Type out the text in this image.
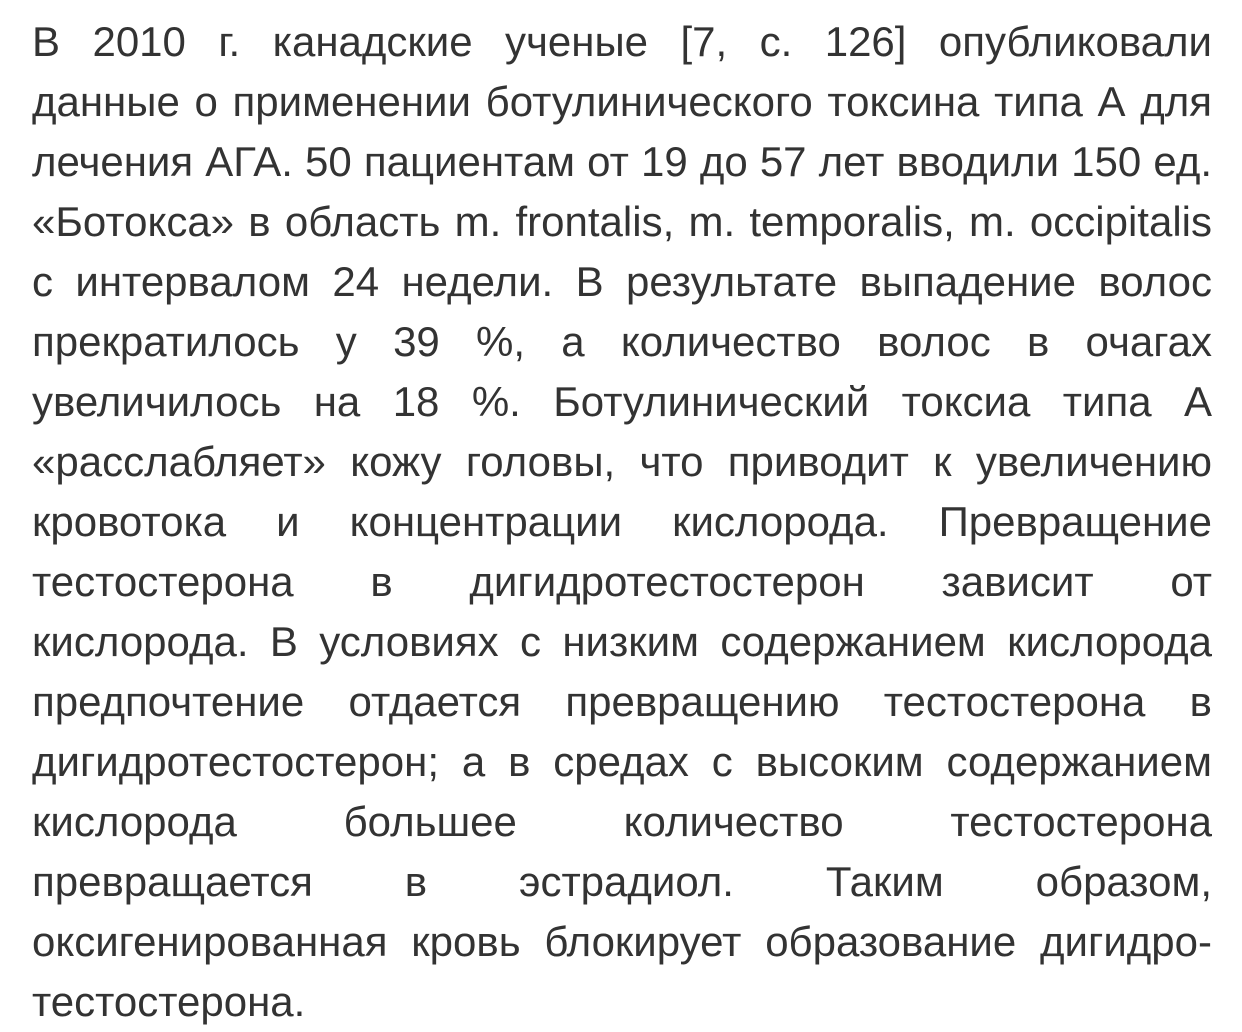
В 2010 г. канадские ученые [7, с. 126] опубликовали
данные о применении ботулинического токсина типа А для
лечения АГА. 50 пациентам от 19 до 57 лет вводили 150 ед.
«Ботокса» в область m. frontalis, m. temporalis, m. occipitalis
с интервалом 24 недели. В результате выпадение волос
прекратилось у 39 %, а количество волос в очагах
увеличилось на 18 %. Ботулинический токсиа типа А
«расслабляет» кожу головы, что приводит к увеличению
кровотока и концентрации кислорода. Превращение
тестостерона в дигидротестостерон зависит от
кислорода. В условиях с низким содержанием кислорода
предпочтение отдается превращению тестостерона в
дигидротестостерон; а в средах с высоким содержанием
кислорода большее количество тестостерона
превращается в эстрадиол. Таким образом,
оксигенированная кровь блокирует образование дигидро-
тестостерона.
